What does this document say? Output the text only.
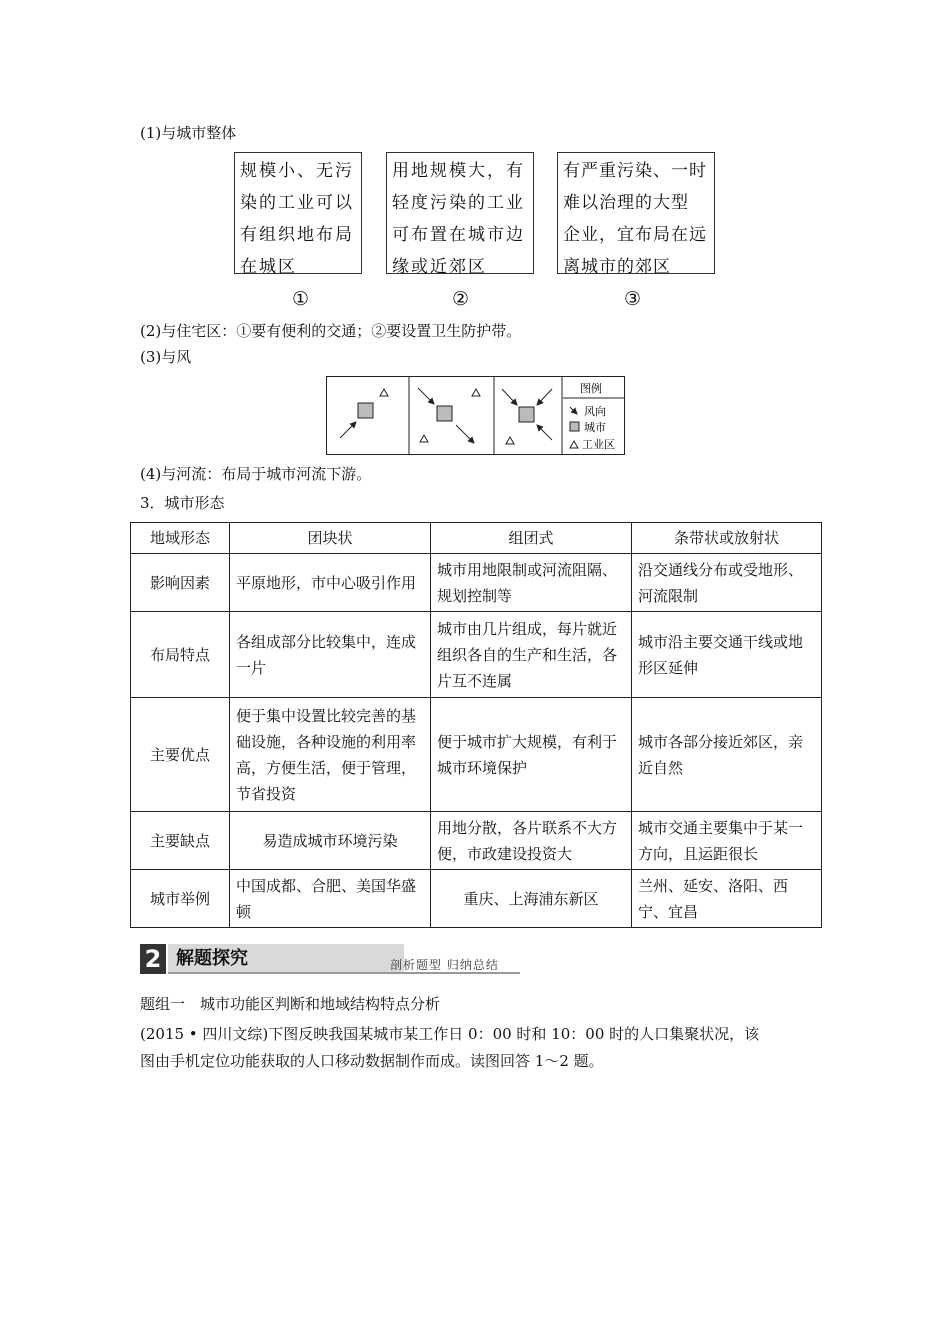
(1)与城市整体
规模小、无污
染的工业可以
有组织地布局
在城区
用地规模大，有
轻度污染的工业
可布置在城市边
缘或近郊区
有严重污染、一时
难以治理的大型
企业，宜布局在远
离城市的郊区
①	②	③
(2)与住宅区：①要有便利的交通；②要设置卫生防护带。
(3)与风
图例
风向
城市
工业区
(4)与河流：布局于城市河流下游。
3．城市形态
地域形态	团块状	组团式	条带状或放射状
影响因素	平原地形，市中心吸引作用	城市用地限制或河流阻隔、规划控制等	沿交通线分布或受地形、河流限制
布局特点	各组成部分比较集中，连成一片	城市由几片组成，每片就近组织各自的生产和生活，各片互不连属	城市沿主要交通干线或地形区延伸
主要优点	便于集中设置比较完善的基础设施，各种设施的利用率高，方便生活，便于管理，节省投资	便于城市扩大规模，有利于城市环境保护	城市各部分接近郊区，亲近自然
主要缺点	易造成城市环境污染	用地分散，各片联系不大方便，市政建设投资大	城市交通主要集中于某一方向，且运距很长
城市举例	中国成都、合肥、美国华盛顿	重庆、上海浦东新区	兰州、延安、洛阳、西宁、宜昌
2 解题探究	剖析题型 归纳总结
题组一　城市功能区判断和地域结构特点分析
(2015 • 四川文综)下图反映我国某城市某工作日 0：00 时和 10：00 时的人口集聚状况，该
图由手机定位功能获取的人口移动数据制作而成。读图回答 1～2 题。
